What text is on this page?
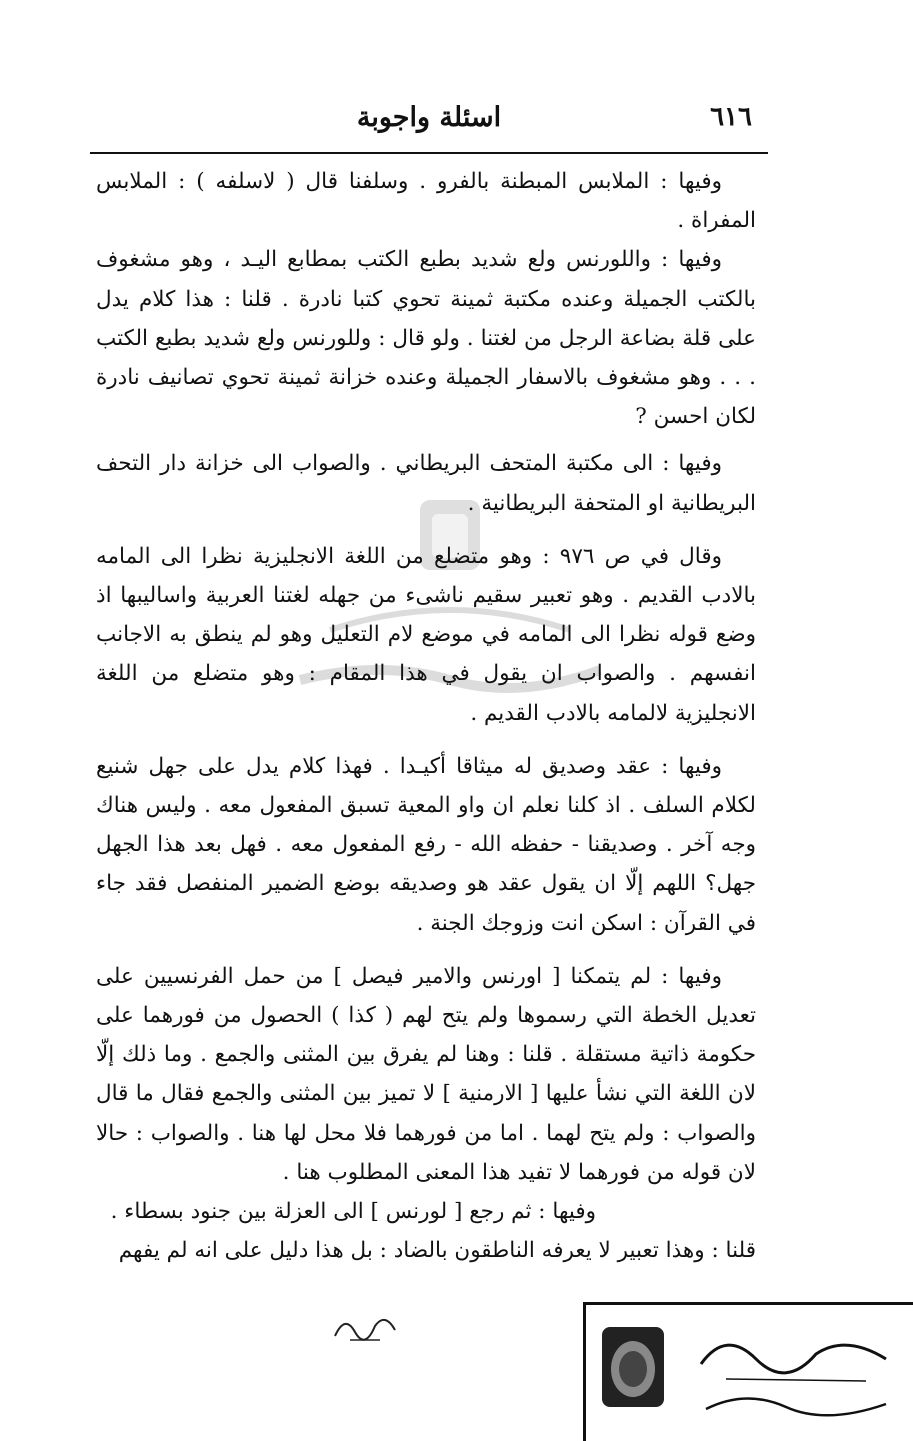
٦١٦
اسئلة واجوبة

وفيها : الملابس المبطنة بالفرو . وسلفنا قال ( لاسلفه ) : الملابس المفراة .

وفيها : واللورنس ولع شديد بطبع الكتب بمطابع اليـد ، وهو مشغوف بالكتب الجميلة وعنده مكتبة ثمينة تحوي كتبا نادرة . قلنا : هذا كلام يدل على قلة بضاعة الرجل من لغتنا . ولو قال : وللورنس ولع شديد بطبع الكتب . . . وهو مشغوف بالاسفار الجميلة وعنده خزانة ثمينة تحوي تصانيف نادرة لكان احسن ?

وفيها : الى مكتبة المتحف البريطاني . والصواب الى خزانة دار التحف البريطانية او المتحفة البريطانية .

وقال في ص ٩٧٦ : وهو متضلع من اللغة الانجليزية نظرا الى المامه بالادب القديم . وهو تعبير سقيم ناشىء من جهله لغتنا العربية واساليبها اذ وضع قوله نظرا الى المامه في موضع لام التعليل وهو لم ينطق به الاجانب انفسهم . والصواب ان يقول في هذا المقام : وهو متضلع من اللغة الانجليزية لالمامه بالادب القديم .

وفيها : عقد وصديق له ميثاقا أكيـدا . فهذا كلام يدل على جهل شنيع لكلام السلف . اذ كلنا نعلم ان واو المعية تسبق المفعول معه . وليس هناك وجه آخر . وصديقنا - حفظه الله - رفع المفعول معه . فهل بعد هذا الجهل جهل؟ اللهم إلّا ان يقول عقد هو وصديقه بوضع الضمير المنفصل فقد جاء في القرآن : اسكن انت وزوجك الجنة .

وفيها : لم يتمكنا [ اورنس والامير فيصل ] من حمل الفرنسيين على تعديل الخطة التي رسموها ولم يتح لهم ( كذا ) الحصول من فورهما على حكومة ذاتية مستقلة . قلنا : وهنا لم يفرق بين المثنى والجمع . وما ذلك إلّا لان اللغة التي نشأ عليها [ الارمنية ] لا تميز بين المثنى والجمع فقال ما قال والصواب : ولم يتح لهما . اما من فورهما فلا محل لها هنا . والصواب : حالا لان قوله من فورهما لا تفيد هذا المعنى المطلوب هنا .

وفيها : ثم رجع [ لورنس ] الى العزلة بين جنود بسطاء .

قلنا : وهذا تعبير لا يعرفه الناطقون بالضاد : بل هذا دليل على انه لم يفهم
